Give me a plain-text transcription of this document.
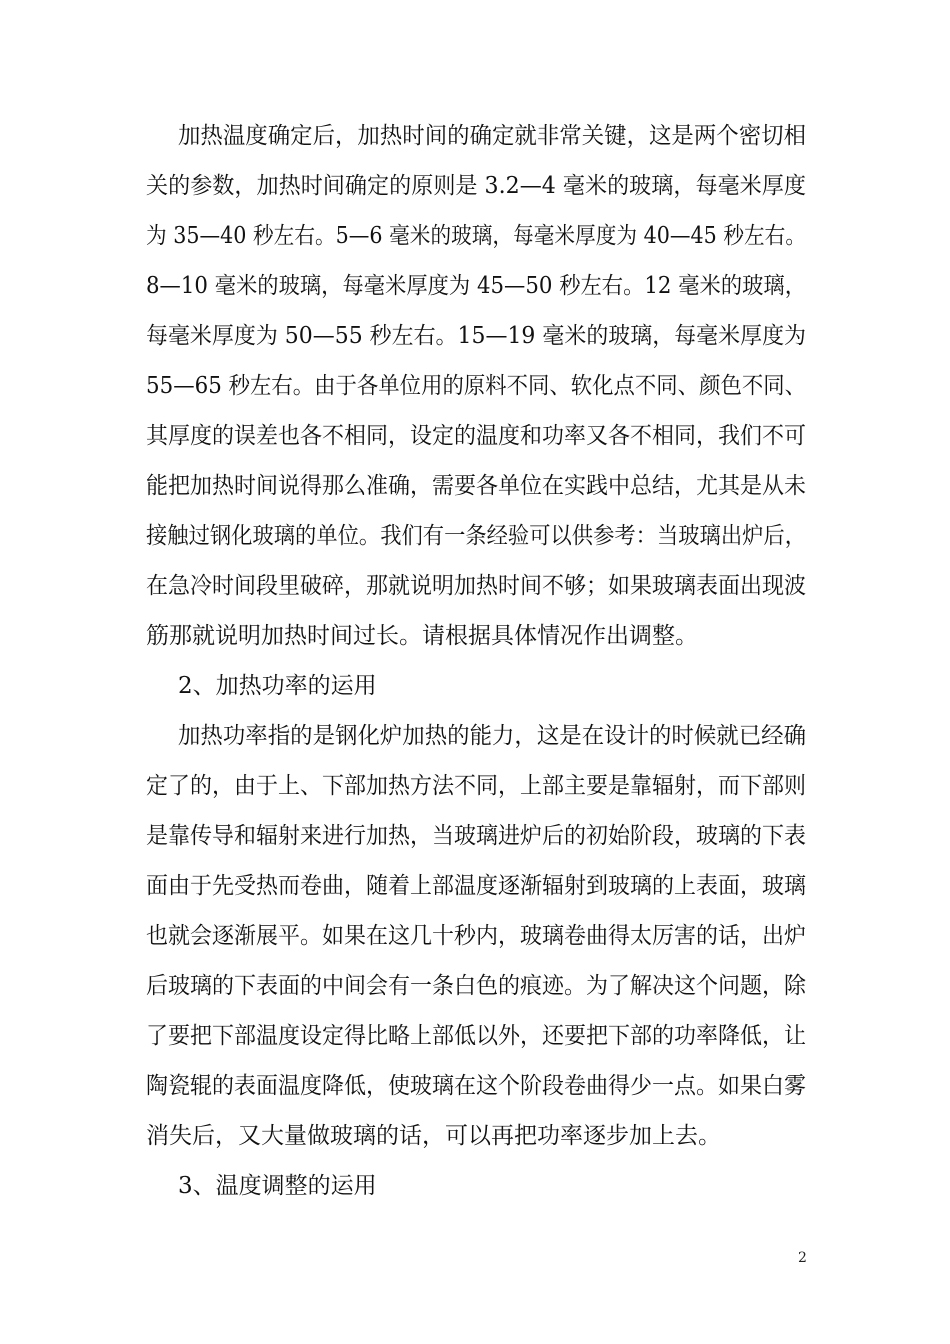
加热温度确定后，加热时间的确定就非常关键，这是两个密切相
关的参数，加热时间确定的原则是 3.2—4 毫米的玻璃，每毫米厚度
为 35—40 秒左右。5—6 毫米的玻璃，每毫米厚度为 40—45 秒左右。
8—10 毫米的玻璃，每毫米厚度为 45—50 秒左右。12 毫米的玻璃，
每毫米厚度为 50—55 秒左右。15—19 毫米的玻璃，每毫米厚度为
55—65 秒左右。由于各单位用的原料不同、软化点不同、颜色不同、
其厚度的误差也各不相同，设定的温度和功率又各不相同，我们不可
能把加热时间说得那么准确，需要各单位在实践中总结，尤其是从未
接触过钢化玻璃的单位。我们有一条经验可以供参考：当玻璃出炉后，
在急冷时间段里破碎，那就说明加热时间不够；如果玻璃表面出现波
筋那就说明加热时间过长。请根据具体情况作出调整。
2、加热功率的运用
加热功率指的是钢化炉加热的能力，这是在设计的时候就已经确
定了的，由于上、下部加热方法不同，上部主要是靠辐射，而下部则
是靠传导和辐射来进行加热，当玻璃进炉后的初始阶段，玻璃的下表
面由于先受热而卷曲，随着上部温度逐渐辐射到玻璃的上表面，玻璃
也就会逐渐展平。如果在这几十秒内，玻璃卷曲得太厉害的话，出炉
后玻璃的下表面的中间会有一条白色的痕迹。为了解决这个问题，除
了要把下部温度设定得比略上部低以外，还要把下部的功率降低，让
陶瓷辊的表面温度降低，使玻璃在这个阶段卷曲得少一点。如果白雾
消失后，又大量做玻璃的话，可以再把功率逐步加上去。
3、温度调整的运用
2
